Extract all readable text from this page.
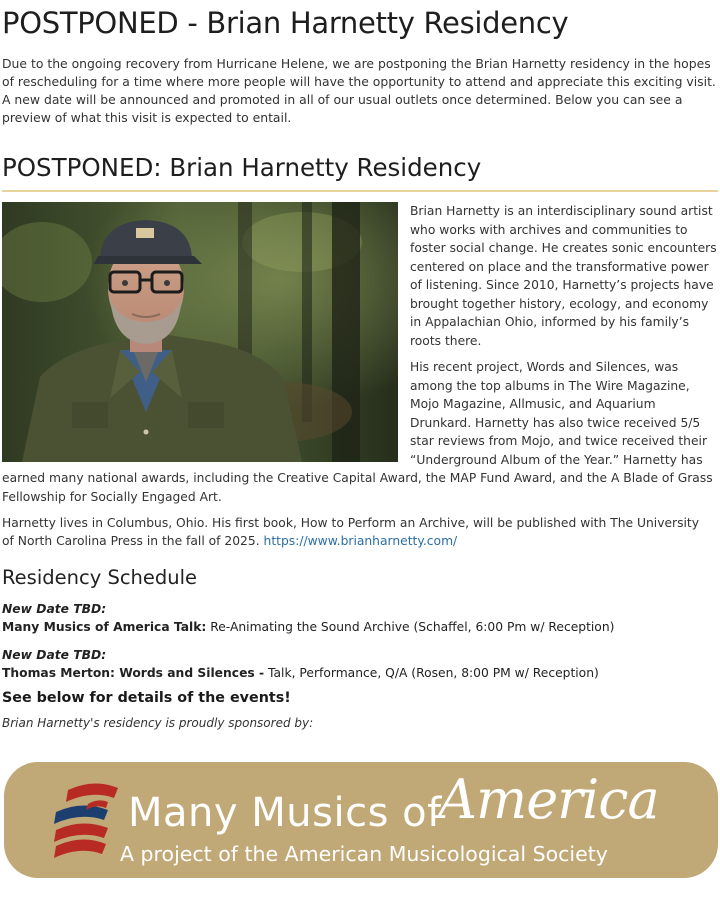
POSTPONED - Brian Harnetty Residency

Due to the ongoing recovery from Hurricane Helene, we are postponing the Brian Harnetty residency in the hopes of rescheduling for a time where more people will have the opportunity to attend and appreciate this exciting visit. A new date will be announced and promoted in all of our usual outlets once determined. Below you can see a preview of what this visit is expected to entail.

POSTPONED: Brian Harnetty Residency
Brian Harnetty is an interdisciplinary sound artist
who works with archives and communities to
foster social change. He creates sonic encounters
centered on place and the transformative power
of listening. Since 2010, Harnetty’s projects have
brought together history, ecology, and economy
in Appalachian Ohio, informed by his family’s
roots there.
His recent project, Words and Silences, was
among the top albums in The Wire Magazine,
Mojo Magazine, Allmusic, and Aquarium
Drunkard. Harnetty has also twice received 5/5
star reviews from Mojo, and twice received their
“Underground Album of the Year.” Harnetty has
earned many national awards, including the Creative Capital Award, the MAP Fund Award, and the A Blade of Grass
Fellowship for Socially Engaged Art.

Harnetty lives in Columbus, Ohio. His first book, How to Perform an Archive, will be published with The University of North Carolina Press in the fall of 2025. https://www.brianharnetty.com/

Residency Schedule
New Date TBD:
Many Musics of America Talk: Re-Animating the Sound Archive (Schaffel, 6:00 Pm w/ Reception)
New Date TBD:
Thomas Merton: Words and Silences - Talk, Performance, Q/A (Rosen, 8:00 PM w/ Reception)

See below for details of the events!

Brian Harnetty's residency is proudly sponsored by:

Many Musics of
America
A project of the American Musicological Society
